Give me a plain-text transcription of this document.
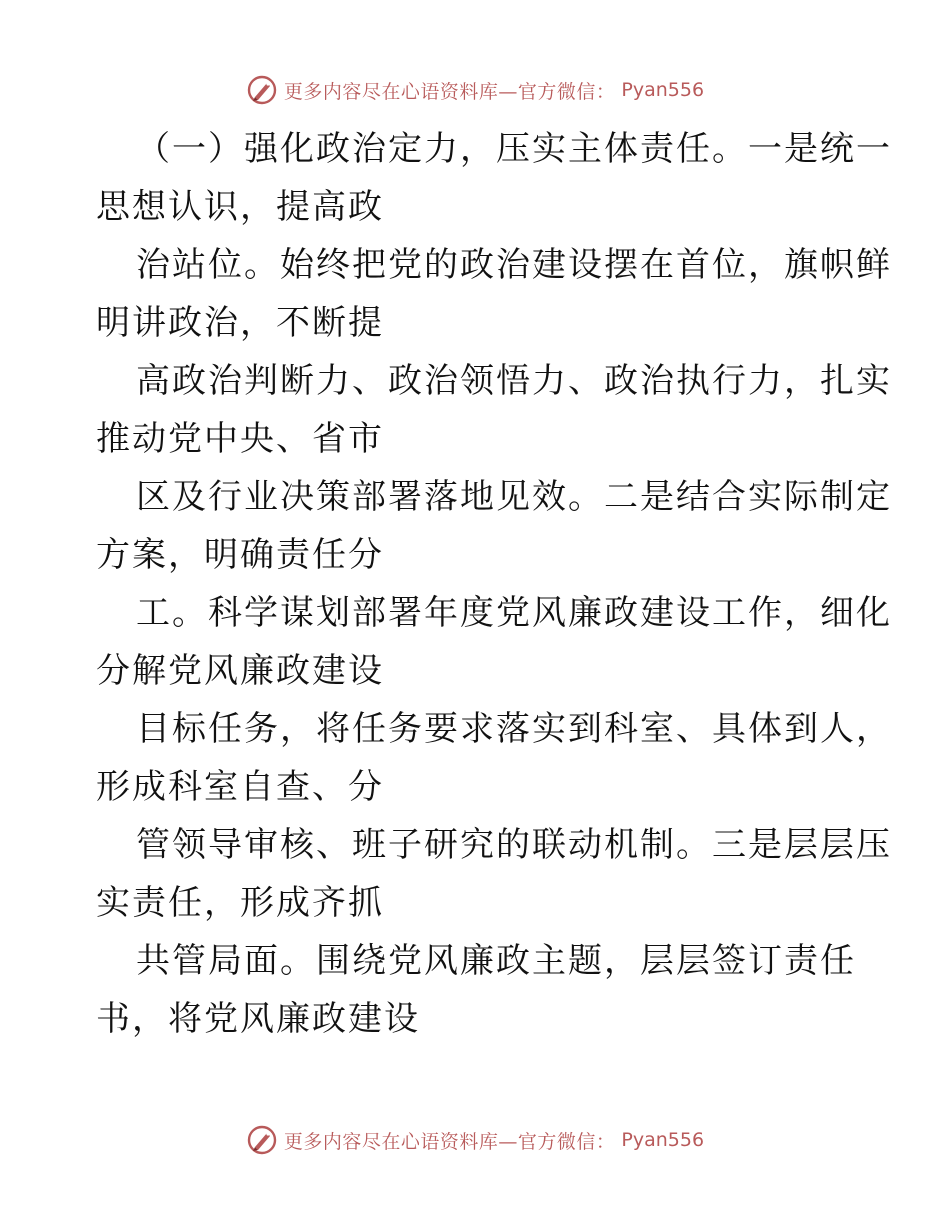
更多内容尽在心语资料库—官方微信： Pyan556
（一）强化政治定力，压实主体责任。一是统一
思想认识，提高政
治站位。始终把党的政治建设摆在首位，旗帜鲜
明讲政治，不断提
高政治判断力、政治领悟力、政治执行力，扎实
推动党中央、省市
区及行业决策部署落地见效。二是结合实际制定
方案，明确责任分
工。科学谋划部署年度党风廉政建设工作，细化
分解党风廉政建设
目标任务，将任务要求落实到科室、具体到人，
形成科室自查、分
管领导审核、班子研究的联动机制。三是层层压
实责任，形成齐抓
共管局面。围绕党风廉政主题，层层签订责任
书，将党风廉政建设
更多内容尽在心语资料库—官方微信： Pyan556
